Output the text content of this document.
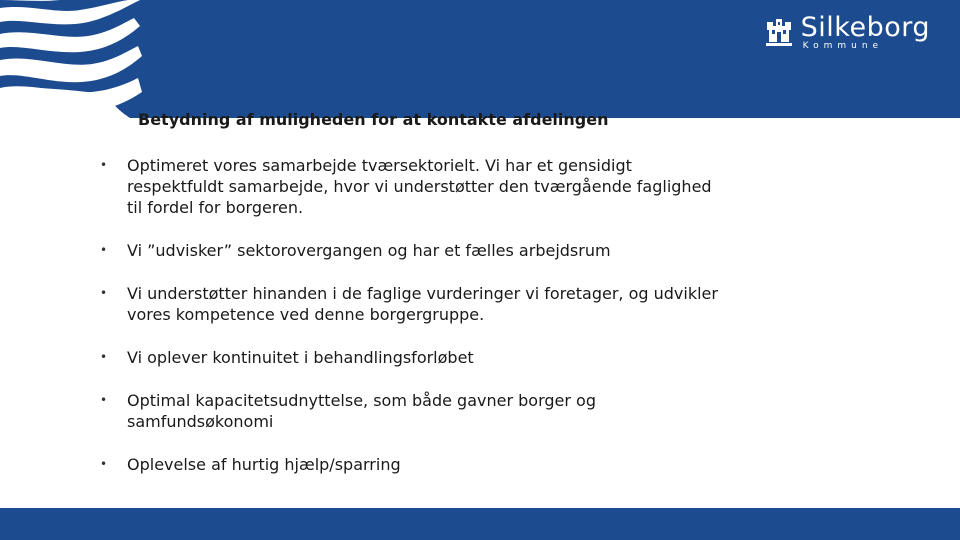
Silkeborg
Kommune
Betydning af muligheden for at kontakte afdelingen
• Optimeret vores samarbejde tværsektorielt. Vi har et gensidigt respektfuldt samarbejde, hvor vi understøtter den tværgående faglighed til fordel for borgeren.
• Vi ”udvisker” sektorovergangen og har et fælles arbejdsrum
• Vi understøtter hinanden i de faglige vurderinger vi foretager, og udvikler vores kompetence ved denne borgergruppe.
• Vi oplever kontinuitet i behandlingsforløbet
• Optimal kapacitetsudnyttelse, som både gavner borger og samfundsøkonomi
• Oplevelse af hurtig hjælp/sparring
